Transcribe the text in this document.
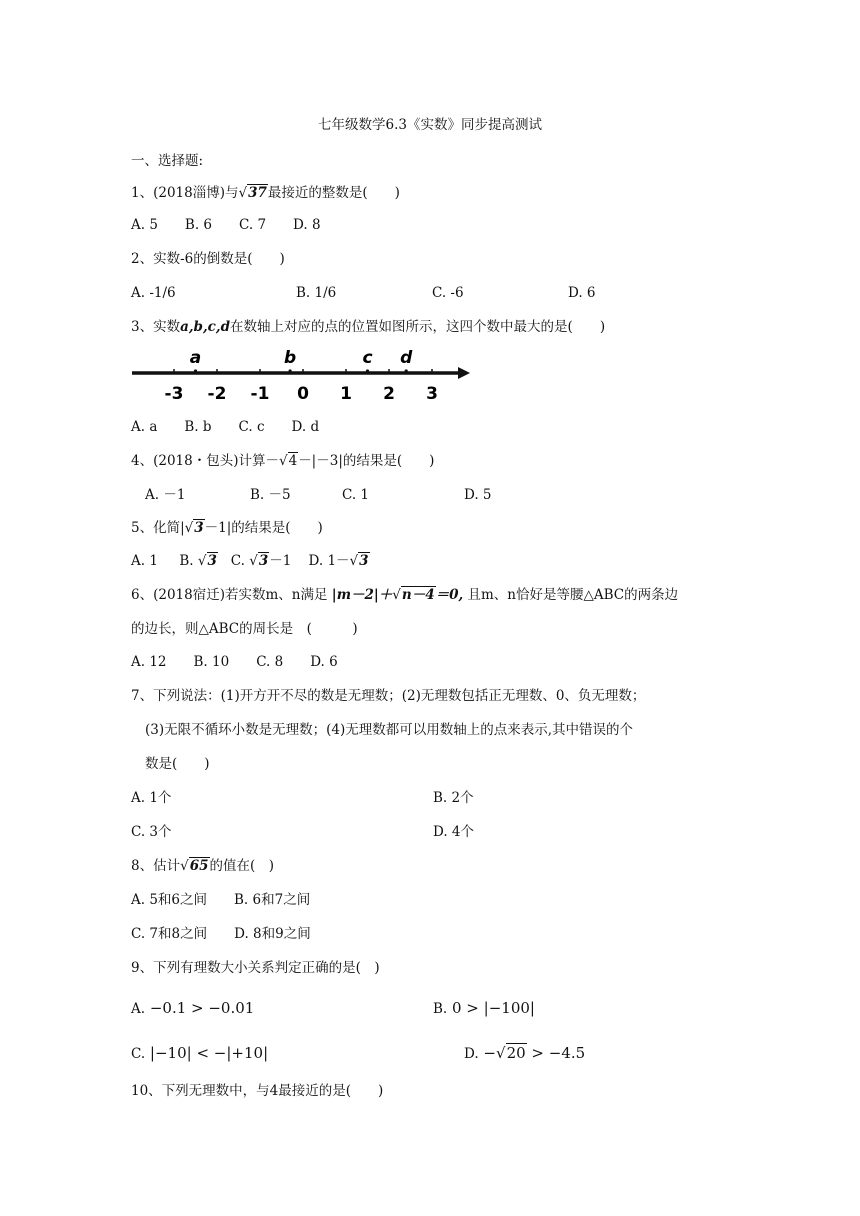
七年级数学6.3《实数》同步提高测试
一、选择题:
1、(2018淄博)与√37最接近的整数是(　　)
A. 5　　B. 6　　C. 7　　D. 8
2、实数-6的倒数是(　　)
A. -1/6	B. 1/6	C. -6	D. 6
3、实数a,b,c,d在数轴上对应的点的位置如图所示，这四个数中最大的是(　　)
-3 -2 -1 0 1 2 3
a	b	c d
A. a　　B. b　　C. c　　D. d
4、(2018・包头)计算－√4－|－3|的结果是(　　)
A. －1	B. －5	C. 1	D. 5
5、化简|√3－1|的结果是(　　)
A. 1 B. √3 C. √3－1 D. 1－√3
6、(2018宿迁)若实数m、n满足 |m－2|＋√n－4＝0, 且m、n恰好是等腰△ABC的两条边
的边长，则△ABC的周长是　(　　　)
A. 12　　B. 10　　C. 8　　D. 6
7、下列说法：(1)开方开不尽的数是无理数；(2)无理数包括正无理数、0、负无理数；
(3)无限不循环小数是无理数；(4)无理数都可以用数轴上的点来表示,其中错误的个
数是(　　)
A. 1个	B. 2个
C. 3个	D. 4个
8、估计√65的值在(　)
A. 5和6之间　　B. 6和7之间
C. 7和8之间　　D. 8和9之间
9、下列有理数大小关系判定正确的是(　)
A. −0.1 > −0.01	B. 0 > |−100|
C. |−10| < −|+10|	D. −√20 > −4.5
10、下列无理数中，与4最接近的是(　　)
